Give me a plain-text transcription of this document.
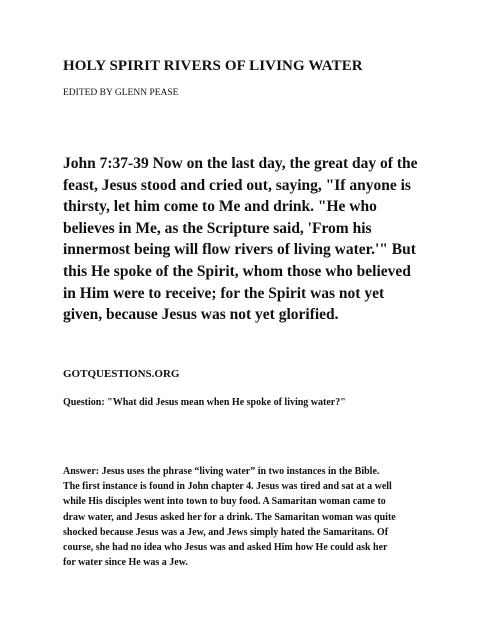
HOLY SPIRIT RIVERS OF LIVING WATER
EDITED BY GLENN PEASE

John 7:37-39 Now on the last day, the great day of the
feast, Jesus stood and cried out, saying, "If anyone is
thirsty, let him come to Me and drink. "He who
believes in Me, as the Scripture said, 'From his
innermost being will flow rivers of living water.'" But
this He spoke of the Spirit, whom those who believed
in Him were to receive; for the Spirit was not yet
given, because Jesus was not yet glorified.

GOTQUESTIONS.ORG
Question: "What did Jesus mean when He spoke of living water?"

Answer: Jesus uses the phrase “living water” in two instances in the Bible.
The first instance is found in John chapter 4. Jesus was tired and sat at a well
while His disciples went into town to buy food. A Samaritan woman came to
draw water, and Jesus asked her for a drink. The Samaritan woman was quite
shocked because Jesus was a Jew, and Jews simply hated the Samaritans. Of
course, she had no idea who Jesus was and asked Him how He could ask her
for water since He was a Jew.
